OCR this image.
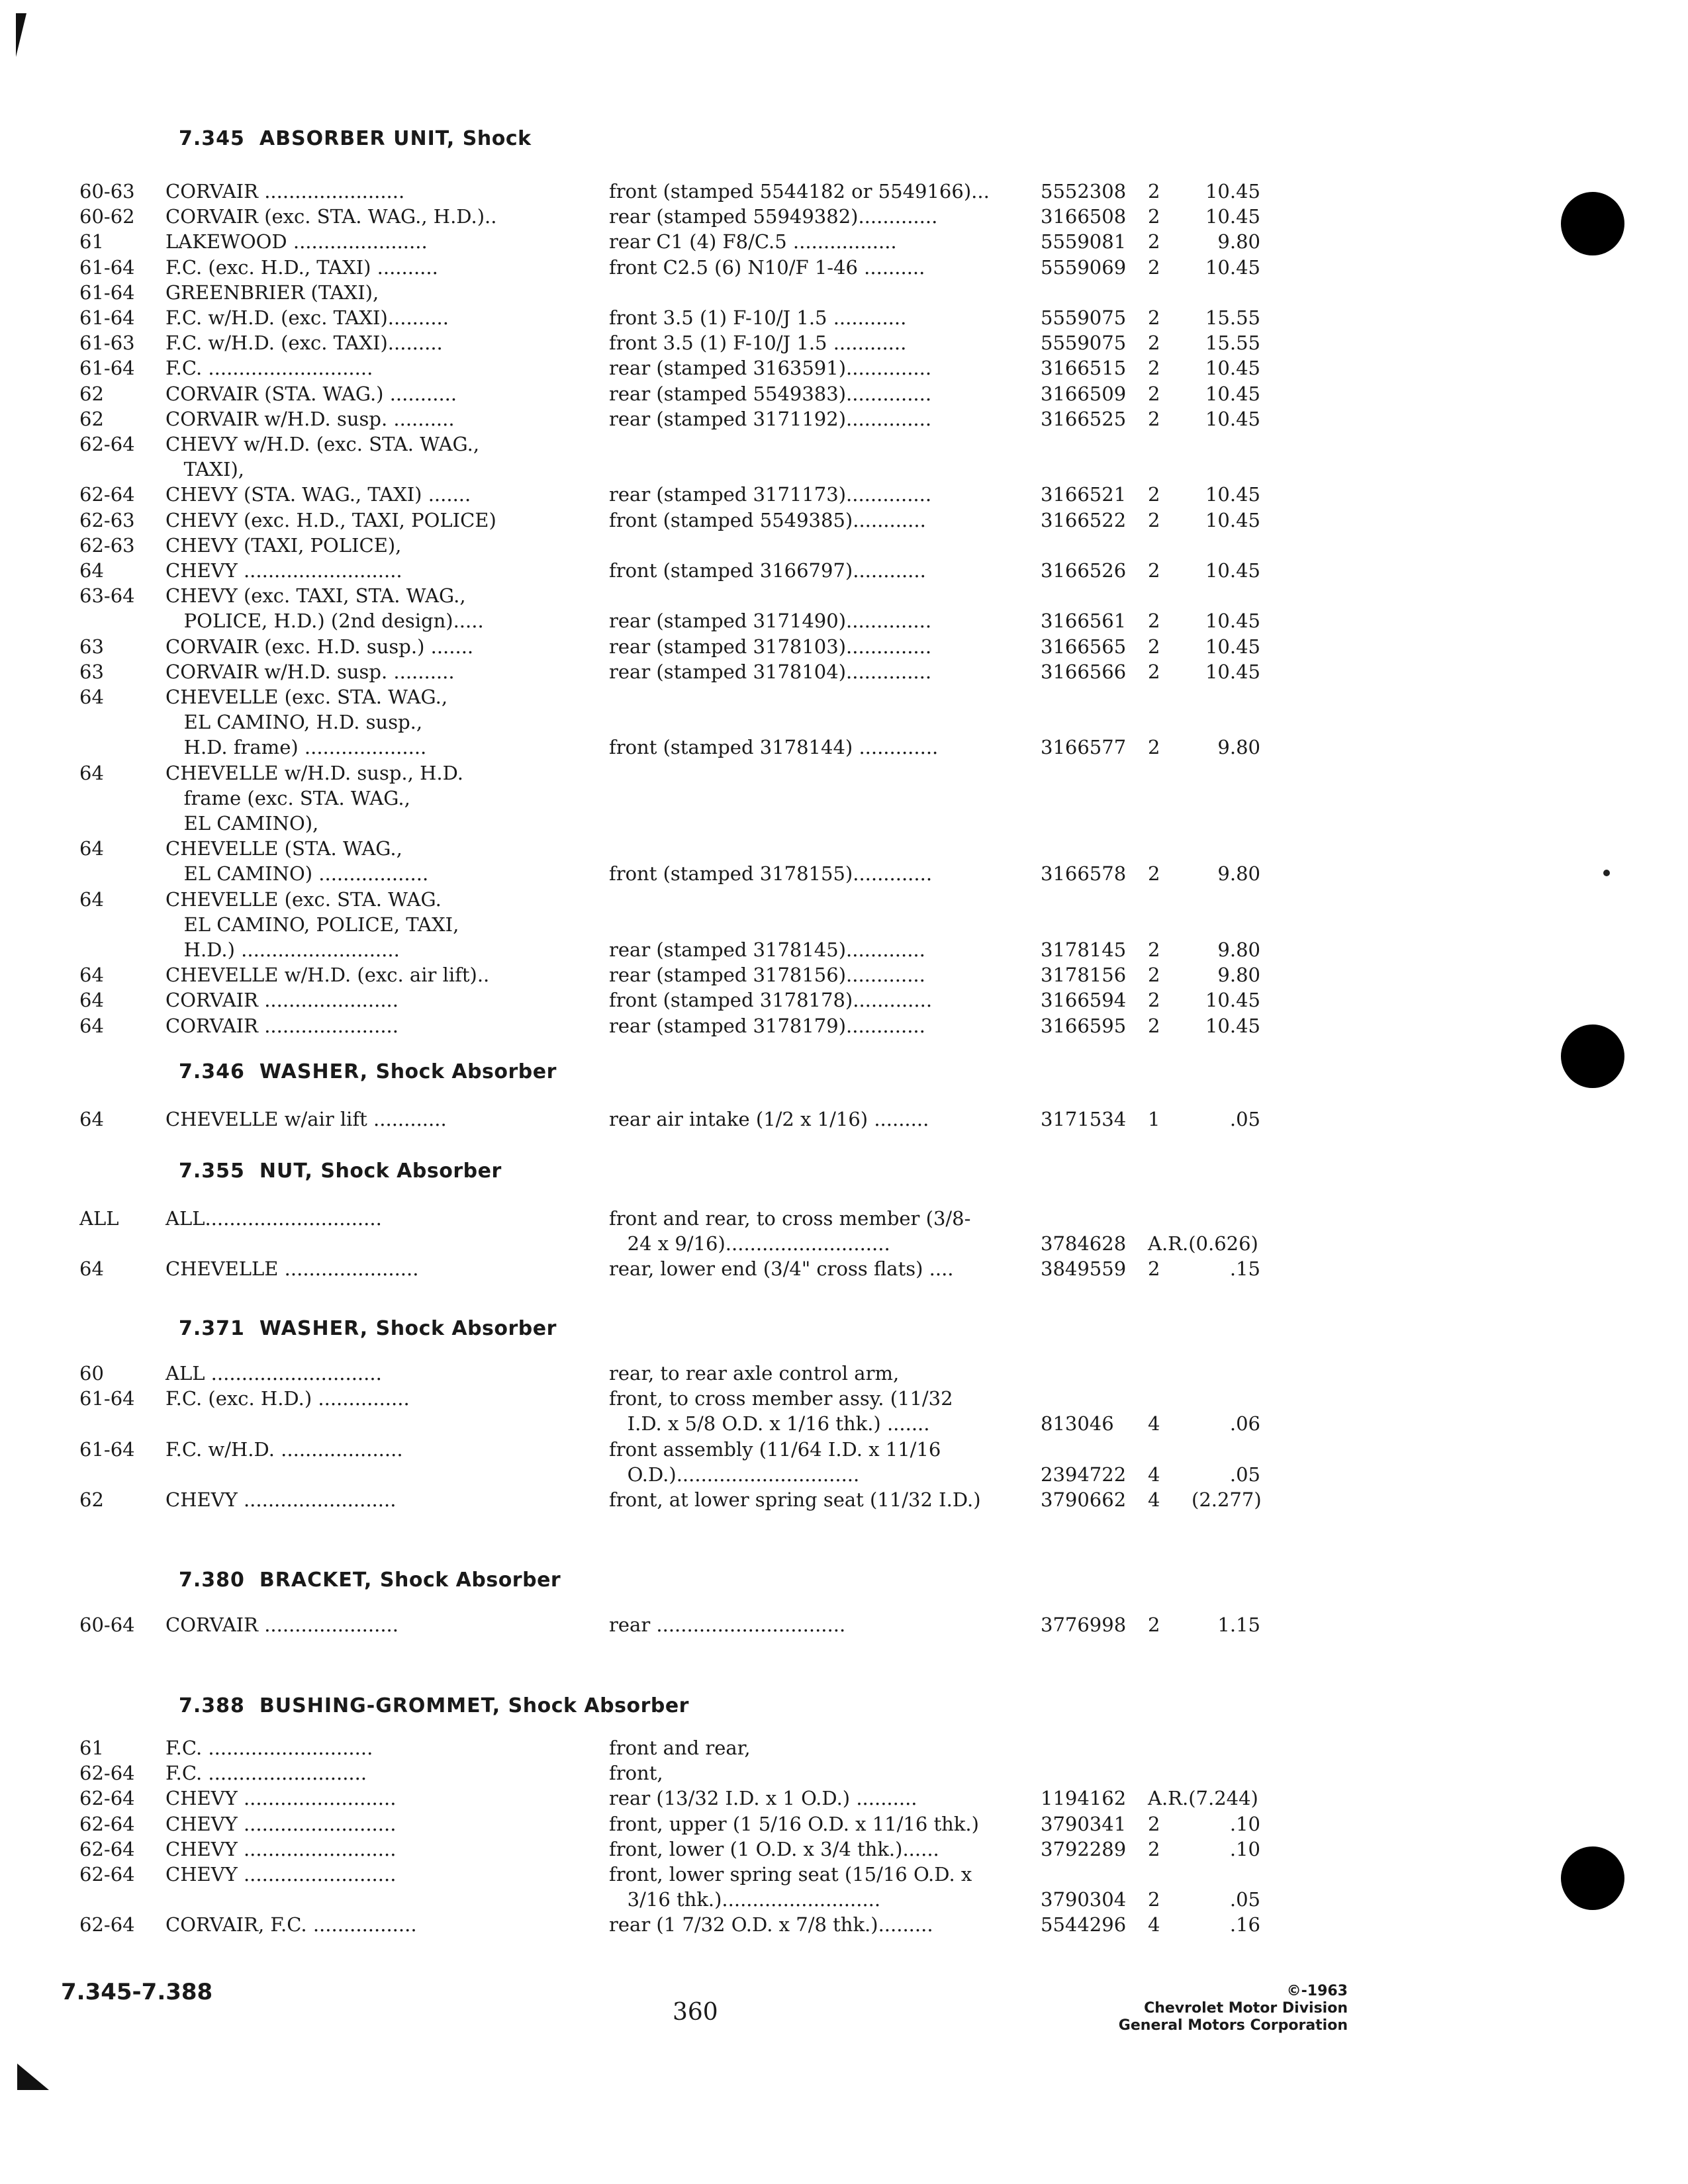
7.345 ABSORBER UNIT, Shock
60-63	CORVAIR .......................	front (stamped 5544182 or 5549166)...	5552308	2	10.45
60-62	CORVAIR (exc. STA. WAG., H.D.)..	rear (stamped 55949382).............	3166508	2	10.45
61	LAKEWOOD ......................	rear C1 (4) F8/C.5 .................	5559081	2	9.80
61-64	F.C. (exc. H.D., TAXI) ..........	front C2.5 (6) N10/F 1-46 ..........	5559069	2	10.45
61-64	GREENBRIER (TAXI),
61-64	F.C. w/H.D. (exc. TAXI)..........	front 3.5 (1) F-10/J 1.5 ............	5559075	2	15.55
61-63	F.C. w/H.D. (exc. TAXI).........	front 3.5 (1) F-10/J 1.5 ............	5559075	2	15.55
61-64	F.C. ...........................	rear (stamped 3163591)..............	3166515	2	10.45
62	CORVAIR (STA. WAG.) ...........	rear (stamped 5549383)..............	3166509	2	10.45
62	CORVAIR w/H.D. susp. ..........	rear (stamped 3171192)..............	3166525	2	10.45
62-64	CHEVY w/H.D. (exc. STA. WAG.,
TAXI),
62-64	CHEVY (STA. WAG., TAXI) .......	rear (stamped 3171173)..............	3166521	2	10.45
62-63	CHEVY (exc. H.D., TAXI, POLICE)	front (stamped 5549385)............	3166522	2	10.45
62-63	CHEVY (TAXI, POLICE),
64	CHEVY ..........................	front (stamped 3166797)............	3166526	2	10.45
63-64	CHEVY (exc. TAXI, STA. WAG.,
POLICE, H.D.) (2nd design).....	rear (stamped 3171490)..............	3166561	2	10.45
63	CORVAIR (exc. H.D. susp.) .......	rear (stamped 3178103)..............	3166565	2	10.45
63	CORVAIR w/H.D. susp. ..........	rear (stamped 3178104)..............	3166566	2	10.45
64	CHEVELLE (exc. STA. WAG.,
EL CAMINO, H.D. susp.,
H.D. frame) ....................	front (stamped 3178144) .............	3166577	2	9.80
64	CHEVELLE w/H.D. susp., H.D.
frame (exc. STA. WAG.,
EL CAMINO),
64	CHEVELLE (STA. WAG.,
EL CAMINO) ..................	front (stamped 3178155).............	3166578	2	9.80
64	CHEVELLE (exc. STA. WAG.
EL CAMINO, POLICE, TAXI,
H.D.) ..........................	rear (stamped 3178145).............	3178145	2	9.80
64	CHEVELLE w/H.D. (exc. air lift)..	rear (stamped 3178156).............	3178156	2	9.80
64	CORVAIR ......................	front (stamped 3178178).............	3166594	2	10.45
64	CORVAIR ......................	rear (stamped 3178179).............	3166595	2	10.45
7.346 WASHER, Shock Absorber
64	CHEVELLE w/air lift ............	rear air intake (1/2 x 1/16) .........	3171534	1	.05
7.355 NUT, Shock Absorber
ALL	ALL.............................	front and rear, to cross member (3/8-
24 x 9/16)...........................	3784628	A.R.(0.626)
64	CHEVELLE ......................	rear, lower end (3/4" cross flats) ....	3849559	2	.15
7.371 WASHER, Shock Absorber
60	ALL ............................	rear, to rear axle control arm,
61-64	F.C. (exc. H.D.) ...............	front, to cross member assy. (11/32
I.D. x 5/8 O.D. x 1/16 thk.) .......	813046	4	.06
61-64	F.C. w/H.D. ....................	front assembly (11/64 I.D. x 11/16
O.D.)..............................	2394722	4	.05
62	CHEVY .........................	front, at lower spring seat (11/32 I.D.)	3790662	4	(2.277)
7.380 BRACKET, Shock Absorber
60-64	CORVAIR ......................	rear ...............................	3776998	2	1.15
7.388 BUSHING-GROMMET, Shock Absorber
61	F.C. ...........................	front and rear,
62-64	F.C. ..........................	front,
62-64	CHEVY .........................	rear (13/32 I.D. x 1 O.D.) ..........	1194162	A.R.(7.244)
62-64	CHEVY .........................	front, upper (1 5/16 O.D. x 11/16 thk.)	3790341	2	.10
62-64	CHEVY .........................	front, lower (1 O.D. x 3/4 thk.)......	3792289	2	.10
62-64	CHEVY .........................	front, lower spring seat (15/16 O.D. x
3/16 thk.)..........................	3790304	2	.05
62-64	CORVAIR, F.C. .................	rear (1 7/32 O.D. x 7/8 thk.).........	5544296	4	.16
7.345-7.388
360
©-1963
Chevrolet Motor Division
General Motors Corporation
